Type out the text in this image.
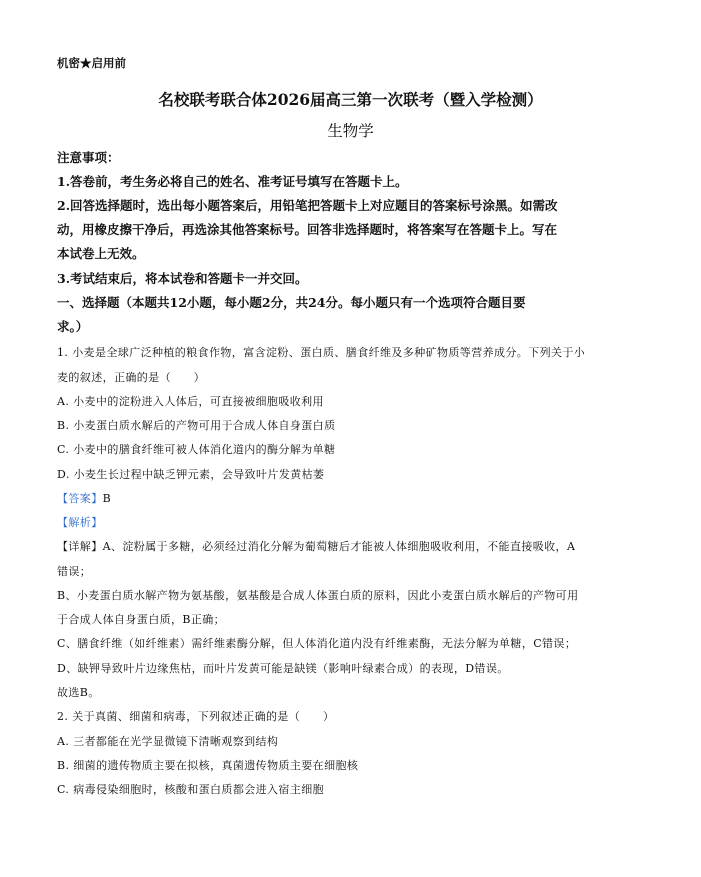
机密★启用前
名校联考联合体2026届高三第一次联考（暨入学检测）
生物学
注意事项：
1.答卷前，考生务必将自己的姓名、准考证号填写在答题卡上。
2.回答选择题时，选出每小题答案后，用铅笔把答题卡上对应题目的答案标号涂黑。如需改
动，用橡皮擦干净后，再选涂其他答案标号。回答非选择题时，将答案写在答题卡上。写在
本试卷上无效。
3.考试结束后，将本试卷和答题卡一并交回。
一、选择题（本题共12小题，每小题2分，共24分。每小题只有一个选项符合题目要
求。）
1. 小麦是全球广泛种植的粮食作物，富含淀粉、蛋白质、膳食纤维及多种矿物质等营养成分。下列关于小
麦的叙述，正确的是（　　）
A. 小麦中的淀粉进入人体后，可直接被细胞吸收利用
B. 小麦蛋白质水解后的产物可用于合成人体自身蛋白质
C. 小麦中的膳食纤维可被人体消化道内的酶分解为单糖
D. 小麦生长过程中缺乏钾元素，会导致叶片发黄枯萎
【答案】B
【解析】
【详解】A、淀粉属于多糖，必须经过消化分解为葡萄糖后才能被人体细胞吸收利用，不能直接吸收，A
错误；
B、小麦蛋白质水解产物为氨基酸，氨基酸是合成人体蛋白质的原料，因此小麦蛋白质水解后的产物可用
于合成人体自身蛋白质，B正确；
C、膳食纤维（如纤维素）需纤维素酶分解，但人体消化道内没有纤维素酶，无法分解为单糖，C错误；
D、缺钾导致叶片边缘焦枯，而叶片发黄可能是缺镁（影响叶绿素合成）的表现，D错误。
故选B。
2. 关于真菌、细菌和病毒，下列叙述正确的是（　　）
A. 三者都能在光学显微镜下清晰观察到结构
B. 细菌的遗传物质主要在拟核，真菌遗传物质主要在细胞核
C. 病毒侵染细胞时，核酸和蛋白质都会进入宿主细胞
